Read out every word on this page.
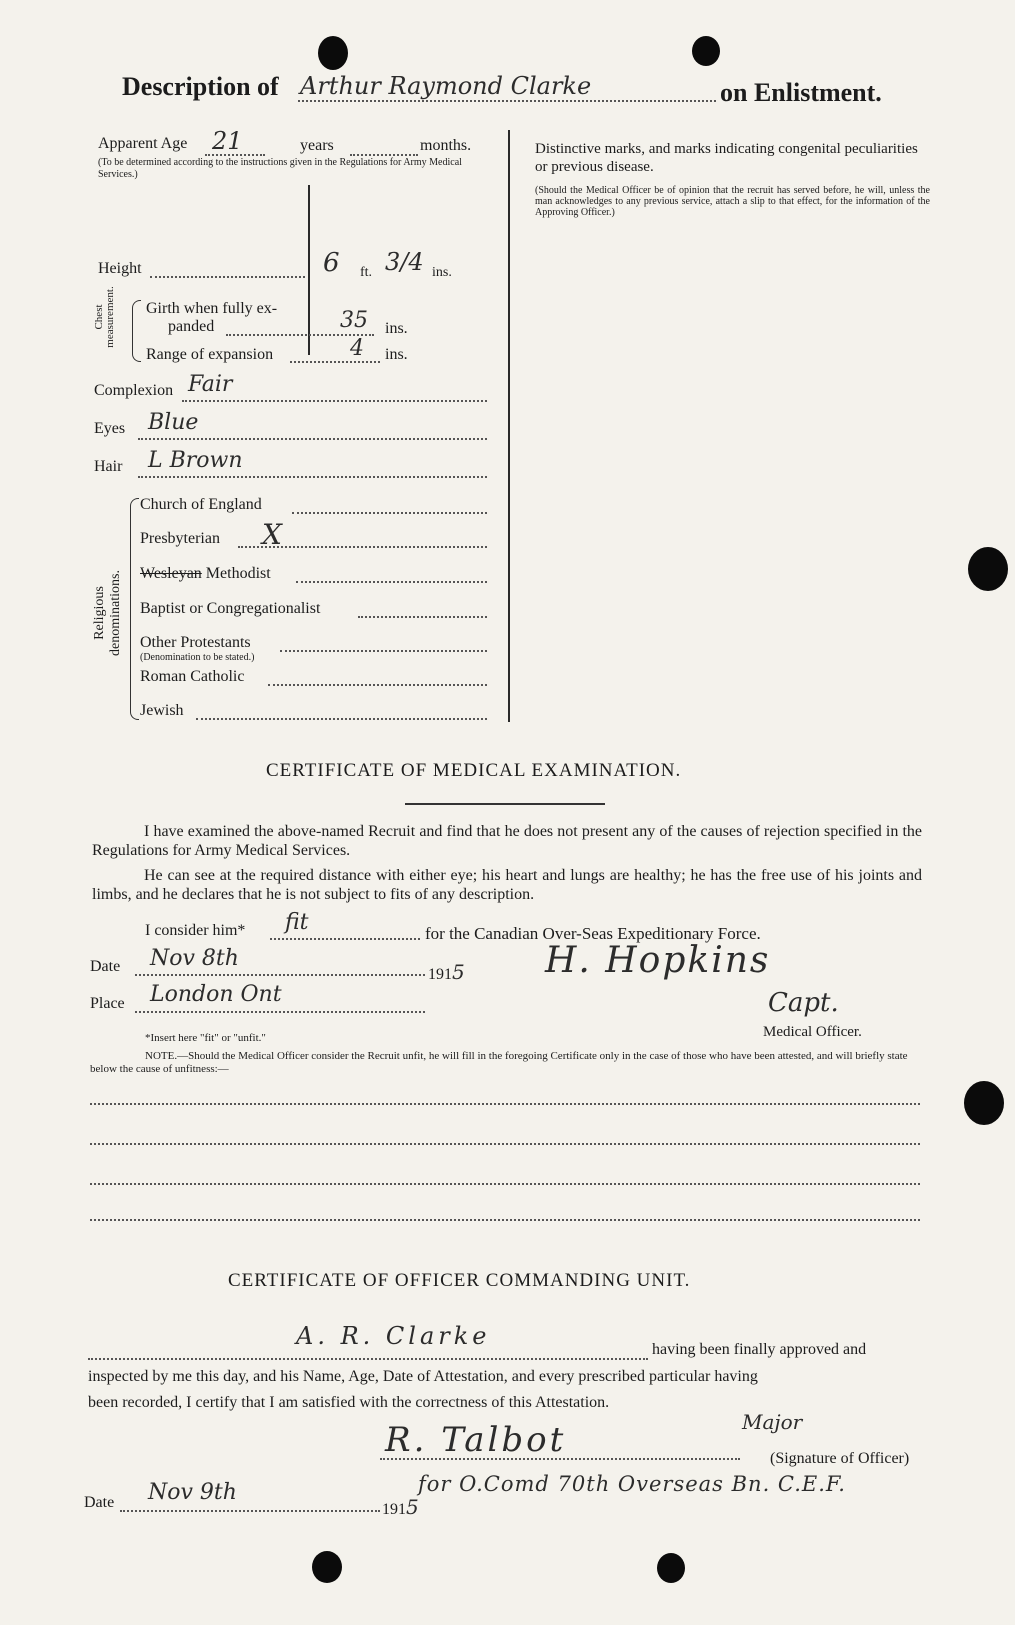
Description of Arthur Raymond Clarke	on Enlistment.
Apparent Age 21	years	months.
(To be determined according to the instructions given in the Regulations for Army Medical Services.)
Distinctive marks, and marks indicating congenital peculiarities or previous disease.
(Should the Medical Officer be of opinion that the recruit has served before, he will, unless the man acknowledges to any previous service, attach a slip to that effect, for the information of the Approving Officer.)
Height	6 ft. 3/4 ins.
Chest measurement. Girth when fully ex-
panded	35 ins.
Range of expansion	4 ins.
Complexion Fair
Eyes Blue
Hair L Brown
Religious denominations.
Church of England
Presbyterian X
Wesleyan Methodist
Baptist or Congregationalist
Other Protestants
(Denomination to be stated.)
Roman Catholic
Jewish
CERTIFICATE OF MEDICAL EXAMINATION.
I have examined the above-named Recruit and find that he does not present any of the causes of rejection specified in the Regulations for Army Medical Services.
He can see at the required distance with either eye; his heart and lungs are healthy; he has the free use of his joints and limbs, and he declares that he is not subject to fits of any description.
I consider him* fit	for the Canadian Over-Seas Expeditionary Force.
Date Nov 8th
1915
Place London Ont
H. Hopkins
Capt.
Medical Officer.
*Insert here "fit" or "unfit."
NOTE.—Should the Medical Officer consider the Recruit unfit, he will fill in the foregoing Certificate only in the case of those who have been attested, and will briefly state below the cause of unfitness:—
CERTIFICATE OF OFFICER COMMANDING UNIT.
A. R. Clarke	having been finally approved and
inspected by me this day, and his Name, Age, Date of Attestation, and every prescribed particular having
been recorded, I certify that I am satisfied with the correctness of this Attestation.
R. Talbot	Major
(Signature of Officer)
Date Nov 9th
1915
for O.Comd 70th Overseas Bn. C.E.F.
